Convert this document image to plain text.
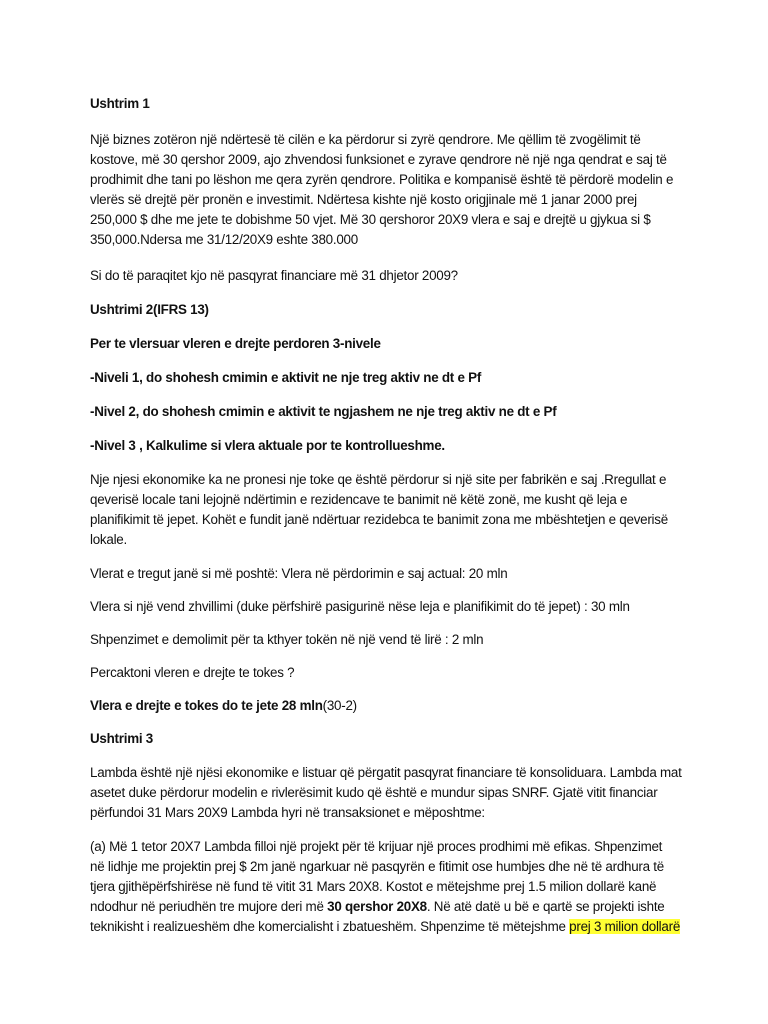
Ushtrim 1

Një biznes zotëron një ndërtesë të cilën e ka përdorur si zyrë qendrore. Me qëllim të zvogëlimit të
kostove, më 30 qershor 2009, ajo zhvendosi funksionet e zyrave qendrore në një nga qendrat e saj të
prodhimit dhe tani po lëshon me qera zyrën qendrore. Politika e kompanisë është të përdorë modelin e
vlerës së drejtë për pronën e investimit. Ndërtesa kishte një kosto origjinale më 1 janar 2000 prej
250,000 $ dhe me jete te dobishme 50 vjet. Më 30 qershoror 20X9 vlera e saj e drejtë u gjykua si $
350,000.Ndersa me 31/12/20X9 eshte 380.000

Si do të paraqitet kjo në pasqyrat financiare më 31 dhjetor 2009?

Ushtrimi 2(IFRS 13)

Per te vlersuar vleren e drejte perdoren 3-nivele

-Niveli 1, do shohesh cmimin e aktivit ne nje treg aktiv ne dt e Pf

-Nivel 2, do shohesh cmimin e aktivit te ngjashem ne nje treg aktiv ne dt e Pf

-Nivel 3 , Kalkulime si vlera aktuale por te kontrollueshme.

Nje njesi ekonomike ka ne pronesi nje toke qe është përdorur si një site per fabrikën e saj .Rregullat e
qeverisë locale tani lejojnë ndërtimin e rezidencave te banimit në këtë zonë, me kusht që leja e
planifikimit të jepet. Kohët e fundit janë ndërtuar rezidebca te banimit zona me mbështetjen e qeverisë
lokale.

Vlerat e tregut janë si më poshtë: Vlera në përdorimin e saj actual: 20 mln

Vlera si një vend zhvillimi (duke përfshirë pasigurinë nëse leja e planifikimit do të jepet) : 30 mln

Shpenzimet e demolimit për ta kthyer tokën në një vend të lirë : 2 mln

Percaktoni vleren e drejte te tokes ?

Vlera e drejte e tokes do te jete 28 mln(30-2)

Ushtrimi 3

Lambda është një njësi ekonomike e listuar që përgatit pasqyrat financiare të konsoliduara. Lambda mat
asetet duke përdorur modelin e rivlerësimit kudo që është e mundur sipas SNRF. Gjatë vitit financiar
përfundoi 31 Mars 20X9 Lambda hyri në transaksionet e mëposhtme:

(a) Më 1 tetor 20X7 Lambda filloi një projekt për të krijuar një proces prodhimi më efikas. Shpenzimet
në lidhje me projektin prej $ 2m janë ngarkuar në pasqyrën e fitimit ose humbjes dhe në të ardhura të
tjera gjithëpërfshirëse në fund të vitit 31 Mars 20X8. Kostot e mëtejshme prej 1.5 milion dollarë kanë
ndodhur në periudhën tre mujore deri më 30 qershor 20X8. Në atë datë u bë e qartë se projekti ishte
teknikisht i realizueshëm dhe komercialisht i zbatueshëm. Shpenzime të mëtejshme prej 3 milion dollarë
